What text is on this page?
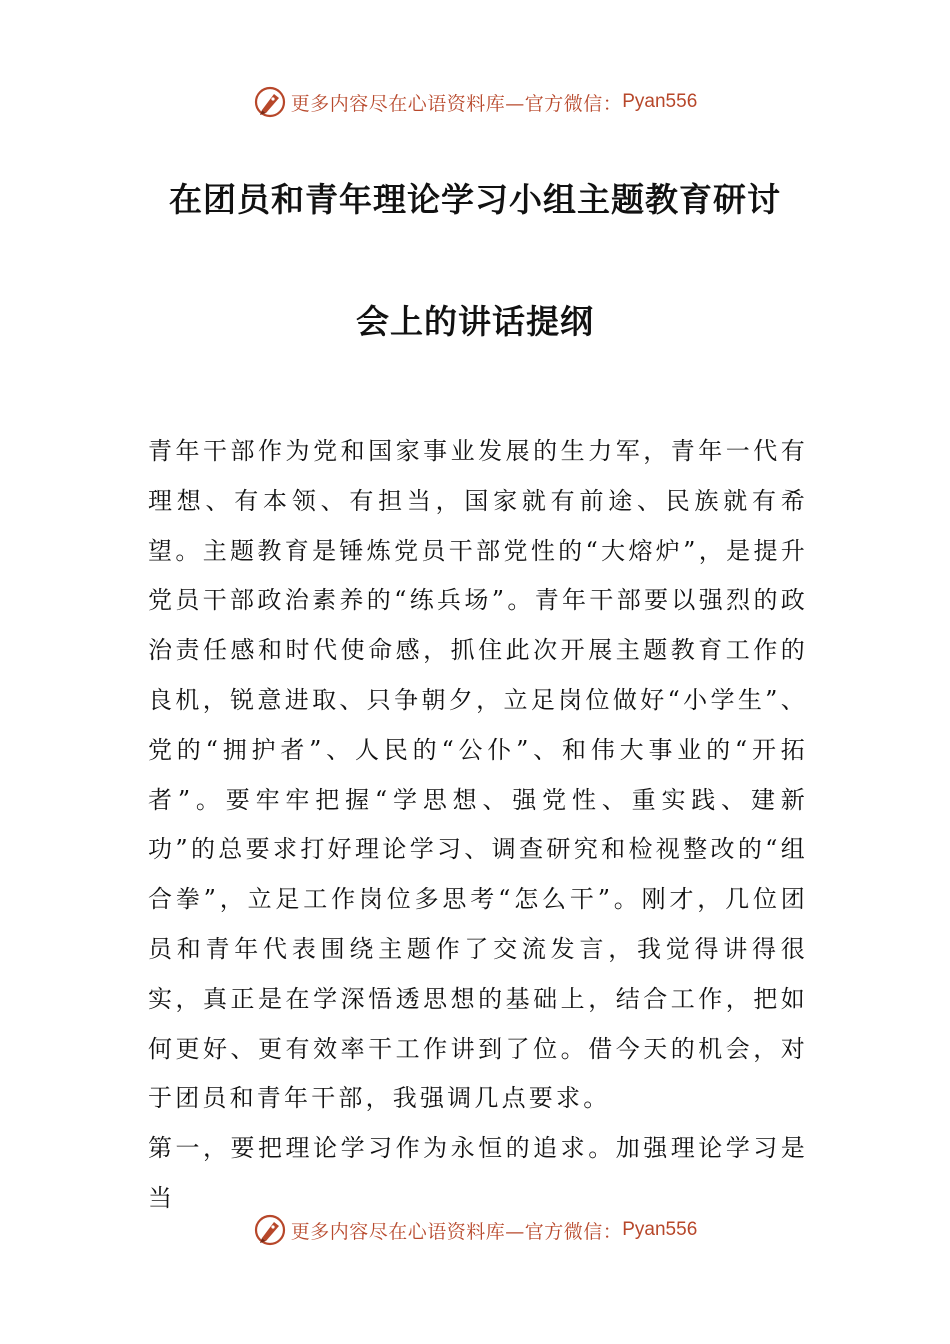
更多内容尽在心语资料库—官方微信： Pyan556
在团员和青年理论学习小组主题教育研讨
会上的讲话提纲

青年干部作为党和国家事业发展的生力军，青年一代有理想、有本领、有担当，国家就有前途、民族就有希望。主题教育是锤炼党员干部党性的“大熔炉”，是提升党员干部政治素养的“练兵场”。青年干部要以强烈的政治责任感和时代使命感，抓住此次开展主题教育工作的良机，锐意进取、只争朝夕，立足岗位做好“小学生”、党的“拥护者”、人民的“公仆”、和伟大事业的“开拓者”。要牢牢把握“学思想、强党性、重实践、建新功”的总要求打好理论学习、调查研究和检视整改的“组合拳”，立足工作岗位多思考“怎么干”。刚才，几位团员和青年代表围绕主题作了交流发言，我觉得讲得很实，真正是在学深悟透思想的基础上，结合工作，把如何更好、更有效率干工作讲到了位。借今天的机会，对于团员和青年干部，我强调几点要求。

第一，要把理论学习作为永恒的追求。加强理论学习是当

更多内容尽在心语资料库—官方微信： Pyan556
